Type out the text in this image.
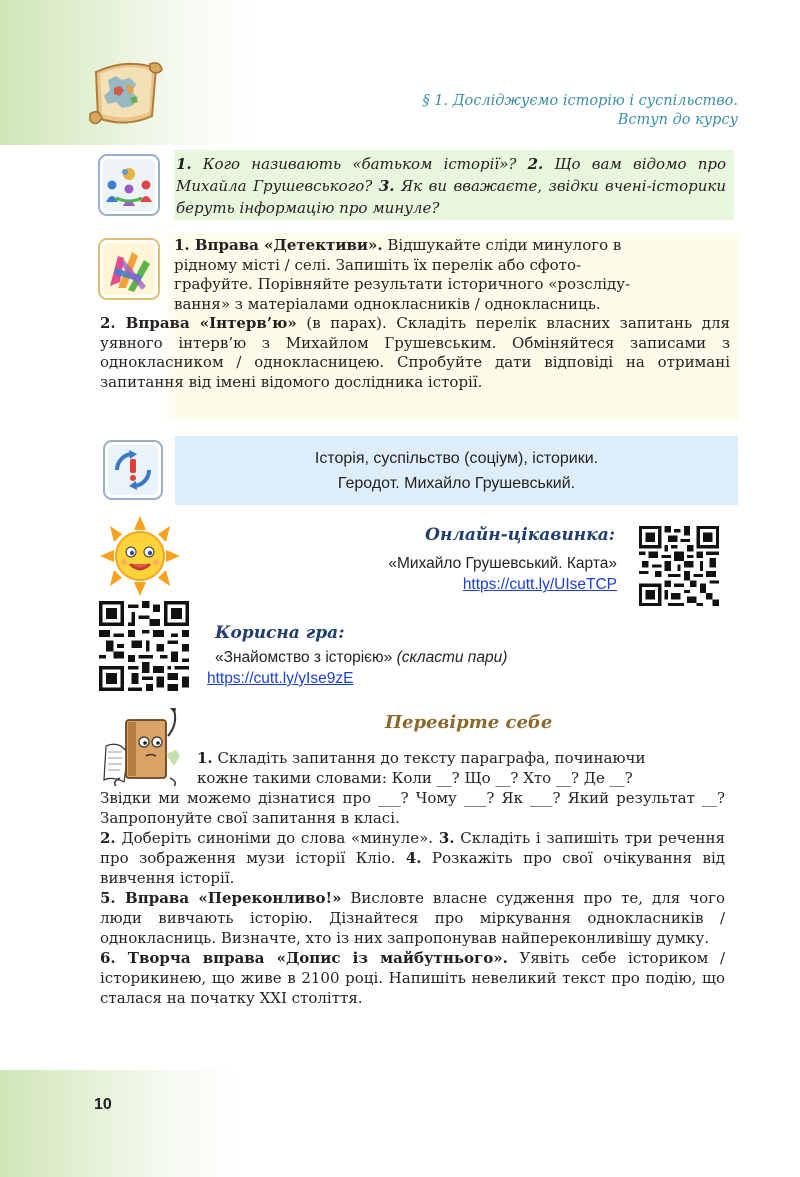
§ 1. Досліджуємо історію і суспільство.
Вступ до курсу
1. Кого називають «батьком історії»? 2. Що вам відомо про Михайла Грушевського? 3. Як ви вважаєте, звідки вчені-історики беруть інформацію про минуле?

1. Вправа «Детективи». Відшукайте сліди минулого в

рідному місті / селі. Запишіть їх перелік або сфото-

графуйте. Порівняйте результати історичного «розсліду-

вання» з матеріалами однокласників / однокласниць.

2. Вправа «Інтерв’ю» (в парах). Складіть перелік власних запитань для уявного інтерв’ю з Михайлом Грушевським. Обміняйтеся записами з однокласником / однокласницею. Спробуйте дати відповіді на отримані запитання від імені відомого дослідника історії.

Історія, суспільство (соціум), історики.
Геродот. Михайло Грушевський.
Онлайн-цікавинка:
«Михайло Грушевський. Карта»
https://cutt.ly/UIseTCP
Корисна гра:
«Знайомство з історією» (скласти пари)
https://cutt.ly/yIse9zE
Перевірте себе

1. Складіть запитання до тексту параграфа, починаючи

кожне такими словами: Коли __? Що __? Хто __? Де __?

Звідки ми можемо дізнатися про ___? Чому ___? Як ___? Який результат __? Запропонуйте свої запитання в класі.

2. Доберіть синоніми до слова «минуле». 3. Складіть і запишіть три речення про зображення музи історії Кліо. 4. Розкажіть про свої очікування від вивчення історії.

5. Вправа «Переконливо!» Висловте власне судження про те, для чого люди вивчають історію. Дізнайтеся про міркування однокласників / однокласниць. Визначте, хто із них запропонував найпереконливішу думку.

6. Творча вправа «Допис із майбутнього». Уявіть себе істориком / історикинею, що живе в 2100 році. Напишіть невеликий текст про подію, що сталася на початку XXI століття.

10
